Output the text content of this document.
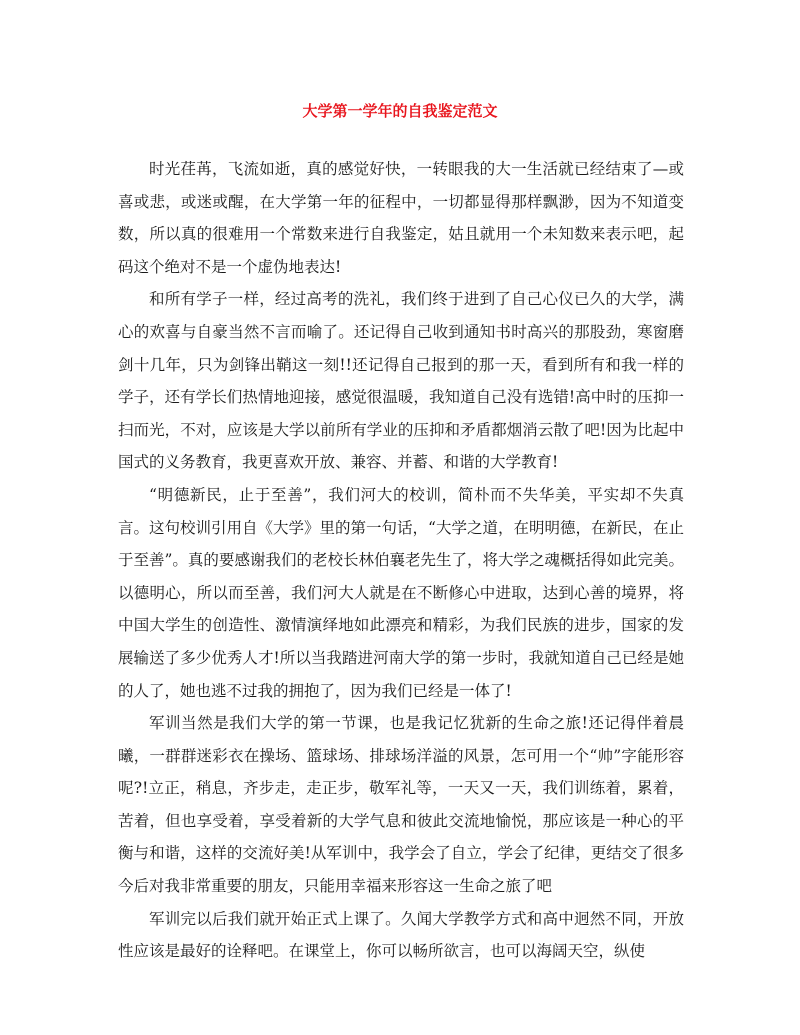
大学第一学年的自我鉴定范文

时光荏苒，飞流如逝，真的感觉好快，一转眼我的大一生活就已经结束了—或喜或悲，或迷或醒，在大学第一年的征程中，一切都显得那样飘渺，因为不知道变数，所以真的很难用一个常数来进行自我鉴定，姑且就用一个未知数来表示吧，起码这个绝对不是一个虚伪地表达!

和所有学子一样，经过高考的洗礼，我们终于进到了自己心仪已久的大学，满心的欢喜与自豪当然不言而喻了。还记得自己收到通知书时高兴的那股劲，寒窗磨剑十几年，只为剑锋出鞘这一刻!!还记得自己报到的那一天，看到所有和我一样的学子，还有学长们热情地迎接，感觉很温暖，我知道自己没有选错!高中时的压抑一扫而光，不对，应该是大学以前所有学业的压抑和矛盾都烟消云散了吧!因为比起中国式的义务教育，我更喜欢开放、兼容、并蓄、和谐的大学教育!

“明德新民，止于至善”，我们河大的校训，简朴而不失华美，平实却不失真言。这句校训引用自《大学》里的第一句话，“大学之道，在明明德，在新民，在止于至善”。真的要感谢我们的老校长林伯襄老先生了，将大学之魂概括得如此完美。以德明心，所以而至善，我们河大人就是在不断修心中进取，达到心善的境界，将中国大学生的创造性、激情演绎地如此漂亮和精彩，为我们民族的进步，国家的发展输送了多少优秀人才!所以当我踏进河南大学的第一步时，我就知道自己已经是她的人了，她也逃不过我的拥抱了，因为我们已经是一体了!

军训当然是我们大学的第一节课，也是我记忆犹新的生命之旅!还记得伴着晨曦，一群群迷彩衣在操场、篮球场、排球场洋溢的风景，怎可用一个“帅”字能形容呢?!立正，稍息，齐步走，走正步，敬军礼等，一天又一天，我们训练着，累着，苦着，但也享受着，享受着新的大学气息和彼此交流地愉悦，那应该是一种心的平衡与和谐，这样的交流好美!从军训中，我学会了自立，学会了纪律，更结交了很多今后对我非常重要的朋友，只能用幸福来形容这一生命之旅了吧

军训完以后我们就开始正式上课了。久闻大学教学方式和高中迥然不同，开放性应该是最好的诠释吧。在课堂上，你可以畅所欲言，也可以海阔天空，纵使
